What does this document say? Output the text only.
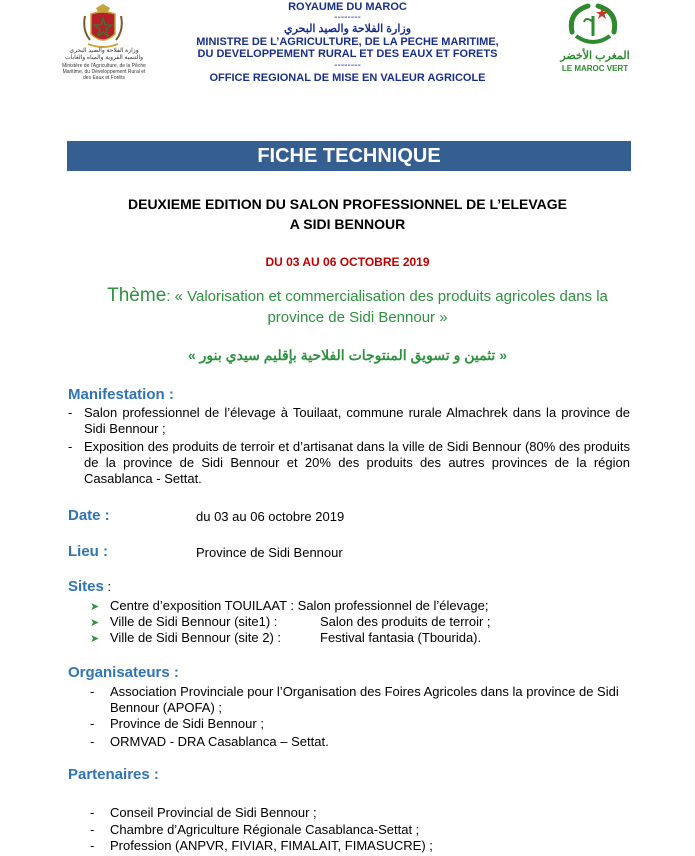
ROYAUME DU MAROC
--------
وزارة الفلاحة والصيد البحري
MINISTRE DE L’AGRICULTURE, DE LA PECHE MARITIME,
DU DEVELOPPEMENT RURAL ET DES EAUX ET FORETS
--------
OFFICE REGIONAL DE MISE EN VALEUR AGRICOLE
وزارة الفلاحة والصيد البحري والتنمية القروية والمياه والغابات
Ministère de l'Agriculture, de la Pêche Maritime, du Développement Rural et des Eaux et Forêts
المغرب الأخضر
LE MAROC VERT
FICHE TECHNIQUE
DEUXIEME EDITION DU SALON PROFESSIONNEL DE L’ELEVAGE
A SIDI BENNOUR
DU 03 AU 06 OCTOBRE 2019
Thème: « Valorisation et commercialisation des produits agricoles dans la
province de Sidi Bennour »
« تثمين و تسويق المنتوجات الفلاحية بإقليم سيدي بنور »
Manifestation :
- Salon professionnel de l’élevage à Touilaat, commune rurale Almachrek dans la province de Sidi Bennour ;
- Exposition des produits de terroir et d’artisanat dans la ville de Sidi Bennour (80% des produits de la province de Sidi Bennour et 20% des produits des autres provinces de la région Casablanca - Settat.
Date :	du 03 au 06 octobre 2019
Lieu :	Province de Sidi Bennour
Sites :
➤ Centre d’exposition TOUILAAT : Salon professionnel de l’élevage;
➤ Ville de Sidi Bennour (site1) :	Salon des produits de terroir ;
➤ Ville de Sidi Bennour (site 2) :	Festival fantasia (Tbourida).
Organisateurs :
- Association Provinciale pour l’Organisation des Foires Agricoles dans la province de Sidi Bennour (APOFA) ;
- Province de Sidi Bennour ;
- ORMVAD - DRA Casablanca – Settat.
Partenaires :
- Conseil Provincial de Sidi Bennour ;
- Chambre d’Agriculture Régionale Casablanca-Settat ;
- Profession (ANPVR, FIVIAR, FIMALAIT, FIMASUCRE) ;
